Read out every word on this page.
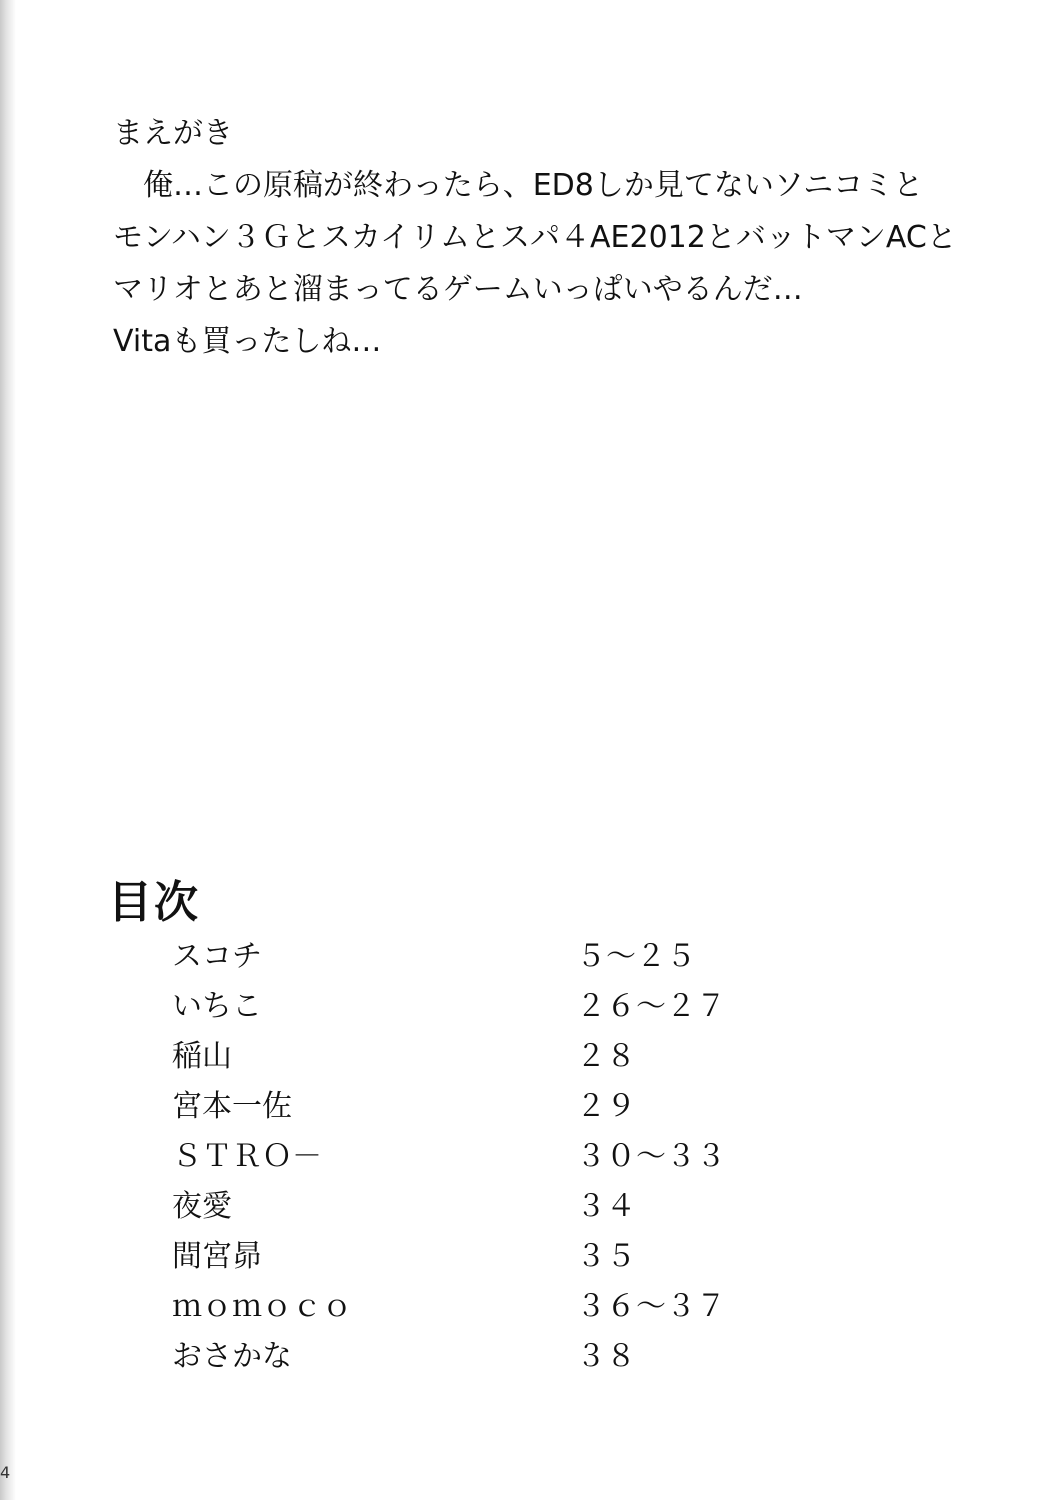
まえがき
俺…この原稿が終わったら、ED8しか見てないソニコミと
モンハン３Ｇとスカイリムとスパ４AE2012とバットマンACと
マリオとあと溜まってるゲームいっぱいやるんだ…
Vitaも買ったしね…
目次
スコチ	５～２５
いちこ	２６～２７
稲山	２８
宮本一佐	２９
ＳＴＲＯ－	３０～３３
夜愛	３４
間宮昴	３５
ｍｏｍｏｃｏ	３６～３７
おさかな	３８
4
